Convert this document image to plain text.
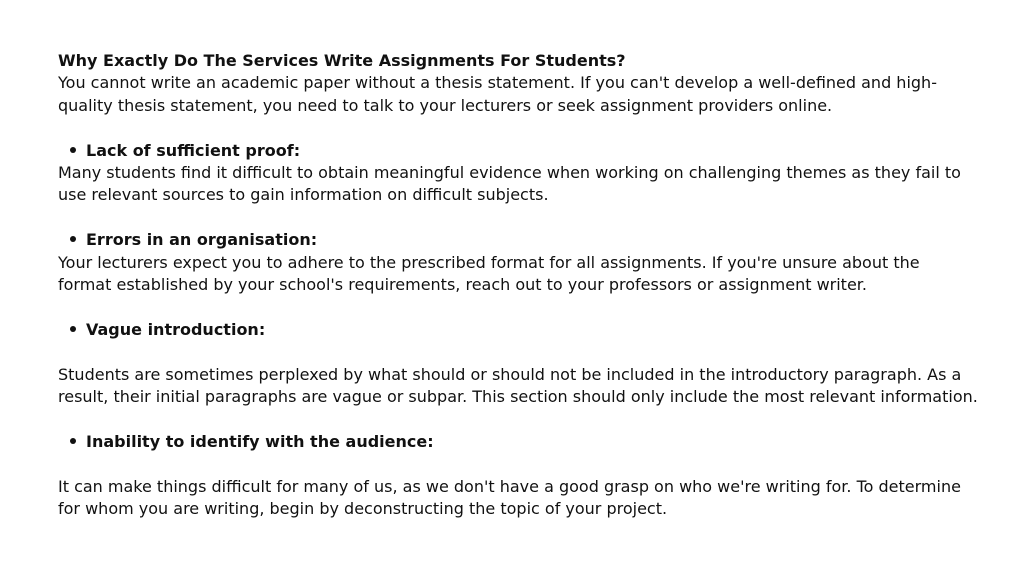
Why Exactly Do The Services Write Assignments For Students?

You cannot write an academic paper without a thesis statement. If you can't develop a well-defined and high-quality thesis statement, you need to talk to your lecturers or seek assignment providers online.

Lack of sufficient proof:

Many students find it difficult to obtain meaningful evidence when working on challenging themes as they fail to use relevant sources to gain information on difficult subjects.

Errors in an organisation:

Your lecturers expect you to adhere to the prescribed format for all assignments. If you're unsure about the format established by your school's requirements, reach out to your professors or assignment writer.

Vague introduction:

Students are sometimes perplexed by what should or should not be included in the introductory paragraph. As a result, their initial paragraphs are vague or subpar. This section should only include the most relevant information.

Inability to identify with the audience:

It can make things difficult for many of us, as we don't have a good grasp on who we're writing for. To determine for whom you are writing, begin by deconstructing the topic of your project.
